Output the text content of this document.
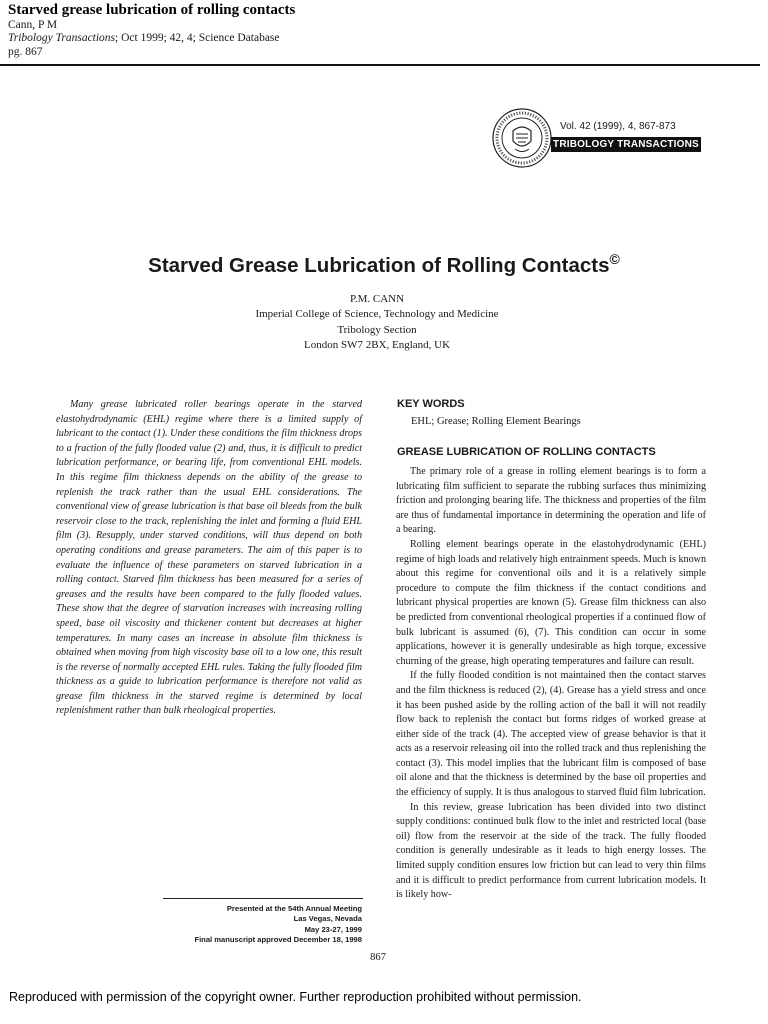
Starved grease lubrication of rolling contacts
Cann, P M
Tribology Transactions; Oct 1999; 42, 4; Science Database
pg. 867
Vol. 42 (1999), 4, 867-873
TRIBOLOGY TRANSACTIONS
Starved Grease Lubrication of Rolling Contacts©
P.M. CANN
Imperial College of Science, Technology and Medicine
Tribology Section
London SW7 2BX, England, UK

Many grease lubricated roller bearings operate in the starved elastohydrodynamic (EHL) regime where there is a limited supply of lubricant to the contact (1). Under these conditions the film thickness drops to a fraction of the fully flooded value (2) and, thus, it is difficult to predict lubrication performance, or bearing life, from conventional EHL models. In this regime film thickness depends on the ability of the grease to replenish the track rather than the usual EHL considerations. The conventional view of grease lubrication is that base oil bleeds from the bulk reservoir close to the track, replenishing the inlet and forming a fluid EHL film (3). Resupply, under starved conditions, will thus depend on both operating conditions and grease parameters. The aim of this paper is to evaluate the influence of these parameters on starved lubrication in a rolling contact. Starved film thickness has been measured for a series of greases and the results have been compared to the fully flooded values. These show that the degree of starvation increases with increasing rolling speed, base oil viscosity and thickener content but decreases at higher temperatures. In many cases an increase in absolute film thickness is obtained when moving from high viscosity base oil to a low one, this result is the reverse of normally accepted EHL rules. Taking the fully flooded film thickness as a guide to lubrication performance is therefore not valid as grease film thickness in the starved regime is determined by local replenishment rather than bulk rheological properties.

KEY WORDS
EHL; Grease; Rolling Element Bearings
GREASE LUBRICATION OF ROLLING CONTACTS

The primary role of a grease in rolling element bearings is to form a lubricating film sufficient to separate the rubbing surfaces thus minimizing friction and prolonging bearing life. The thickness and properties of the film are thus of fundamental importance in determining the operation and life of a bearing.

Rolling element bearings operate in the elastohydrodynamic (EHL) regime of high loads and relatively high entrainment speeds. Much is known about this regime for conventional oils and it is a relatively simple procedure to compute the film thickness if the contact conditions and lubricant physical properties are known (5). Grease film thickness can also be predicted from conventional rheological properties if a continued flow of bulk lubricant is assumed (6), (7). This condition can occur in some applications, however it is generally undesirable as high torque, excessive churning of the grease, high operating temperatures and failure can result.

If the fully flooded condition is not maintained then the contact starves and the film thickness is reduced (2), (4). Grease has a yield stress and once it has been pushed aside by the rolling action of the ball it will not readily flow back to replenish the contact but forms ridges of worked grease at either side of the track (4). The accepted view of grease behavior is that it acts as a reservoir releasing oil into the rolled track and thus replenishing the contact (3). This model implies that the lubricant film is composed of base oil alone and that the thickness is determined by the base oil properties and the efficiency of supply. It is thus analogous to starved fluid film lubrication.

In this review, grease lubrication has been divided into two distinct supply conditions: continued bulk flow to the inlet and restricted local (base oil) flow from the reservoir at the side of the track. The fully flooded condition is generally undesirable as it leads to high energy losses. The limited supply condition ensures low friction but can lead to very thin films and it is difficult to predict performance from current lubrication models. It is likely how-

Presented at the 54th Annual Meeting
Las Vegas, Nevada
May 23-27, 1999
Final manuscript approved December 18, 1998
867
Reproduced with permission of the copyright owner. Further reproduction prohibited without permission.
